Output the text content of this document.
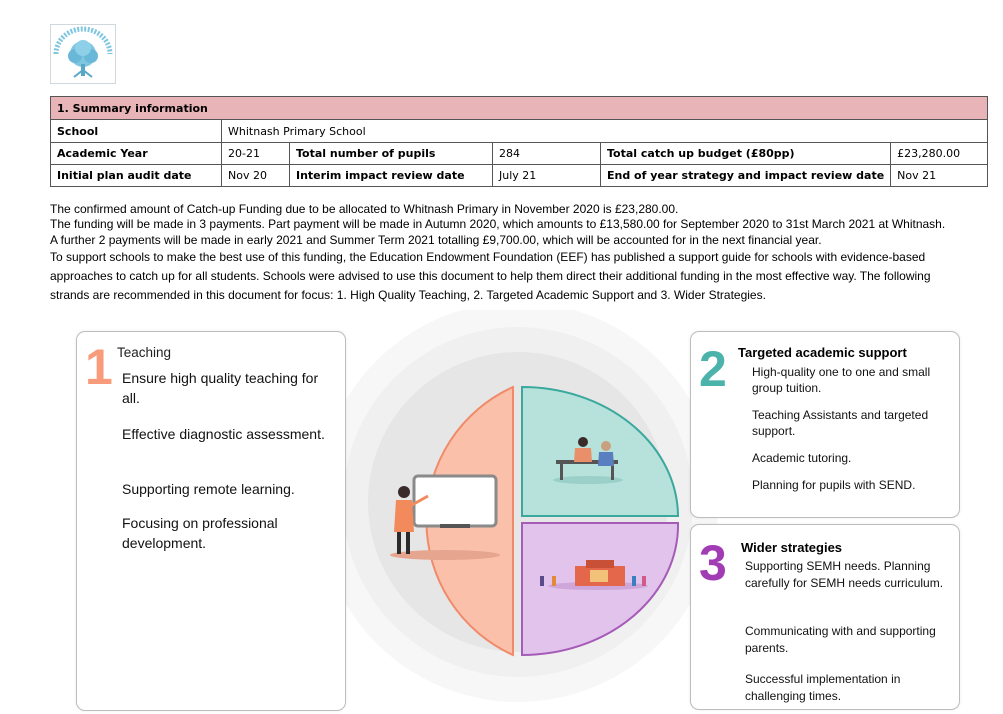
1. Summary information					
School	Whitnash Primary School				
Academic Year	20-21	Total number of pupils	284	Total catch up budget (£80pp)	£23,280.00
Initial plan audit date	Nov 20	Interim impact review date	July 21	End of year strategy and impact review date	Nov 21

The confirmed amount of Catch-up Funding due to be allocated to Whitnash Primary in November 2020 is £23,280.00.

The funding will be made in 3 payments. Part payment will be made in Autumn 2020, which amounts to £13,580.00 for September 2020 to 31st March 2021 at Whitnash.

A further 2 payments will be made in early 2021 and Summer Term 2021 totalling £9,700.00, which will be accounted for in the next financial year.

To support schools to make the best use of this funding, the Education Endowment Foundation (EEF) has published a support guide for schools with evidence-based approaches to catch up for all students. Schools were advised to use this document to help them direct their additional funding in the most effective way. The following strands are recommended in this document for focus: 1. High Quality Teaching, 2. Targeted Academic Support and 3. Wider Strategies.

1 Teaching
Ensure high quality teaching for all.
Effective diagnostic assessment.
Supporting remote learning.
Focusing on professional development.
2 Targeted academic support
High-quality one to one and small group tuition.
Teaching Assistants and targeted support.
Academic tutoring.
Planning for pupils with SEND.
3 Wider strategies
Supporting SEMH needs. Planning carefully for SEMH needs curriculum.
Communicating with and supporting parents.
Successful implementation in challenging times.
